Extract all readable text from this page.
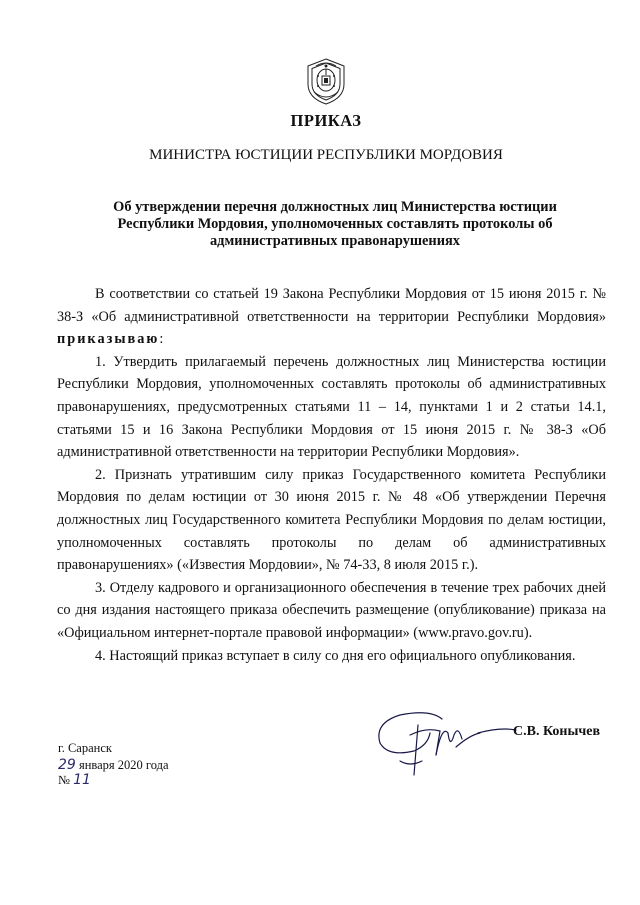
ПРИКАЗ
МИНИСТРА ЮСТИЦИИ РЕСПУБЛИКИ МОРДОВИЯ
Об утверждении перечня должностных лиц Министерства юстиции Республики Мордовия, уполномоченных составлять протоколы об административных правонарушениях

В соответствии со статьей 19 Закона Республики Мордовия от 15 июня 2015 г. № 38-З «Об административной ответственности на территории Республики Мордовия» приказываю:

1. Утвердить прилагаемый перечень должностных лиц Министерства юстиции Республики Мордовия, уполномоченных составлять протоколы об административных правонарушениях, предусмотренных статьями 11 – 14, пунктами 1 и 2 статьи 14.1, статьями 15 и 16 Закона Республики Мордовия от 15 июня 2015 г. № 38-З «Об административной ответственности на территории Республики Мордовия».

2. Признать утратившим силу приказ Государственного комитета Республики Мордовия по делам юстиции от 30 июня 2015 г. № 48 «Об утверждении Перечня должностных лиц Государственного комитета Республики Мордовия по делам юстиции, уполномоченных составлять протоколы по делам об административных правонарушениях» («Известия Мордовии», № 74-33, 8 июля 2015 г.).

3. Отделу кадрового и организационного обеспечения в течение трех рабочих дней со дня издания настоящего приказа обеспечить размещение (опубликование) приказа на «Официальном интернет-портале правовой информации» (www.pravo.gov.ru).

4. Настоящий приказ вступает в силу со дня его официального опубликования.

С.В. Конычев
г. Саранск
29 января 2020 года
№ 11
